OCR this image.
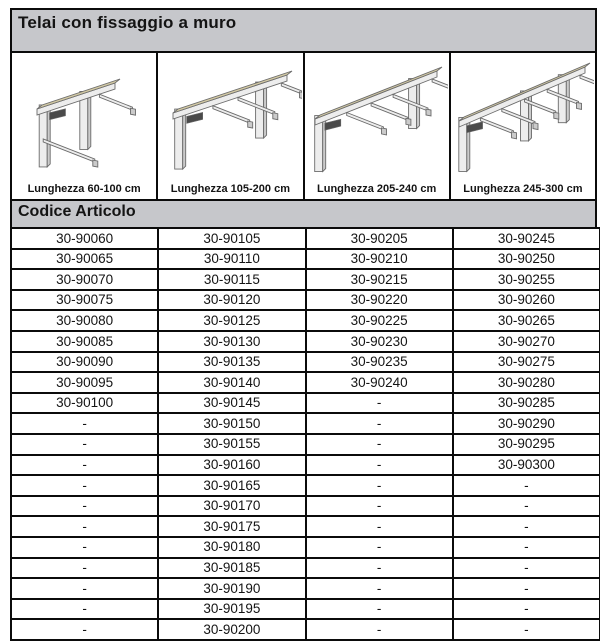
Telai con fissaggio a muro
Lunghezza 60-100 cm	Lunghezza 105-200 cm	Lunghezza 205-240 cm	Lunghezza 245-300 cm
Codice Articolo
30-90060	30-90105	30-90205	30-90245
30-90065	30-90110	30-90210	30-90250
30-90070	30-90115	30-90215	30-90255
30-90075	30-90120	30-90220	30-90260
30-90080	30-90125	30-90225	30-90265
30-90085	30-90130	30-90230	30-90270
30-90090	30-90135	30-90235	30-90275
30-90095	30-90140	30-90240	30-90280
30-90100	30-90145	-	30-90285
-	30-90150	-	30-90290
-	30-90155	-	30-90295
-	30-90160	-	30-90300
-	30-90165	-	-
-	30-90170	-	-
-	30-90175	-	-
-	30-90180	-	-
-	30-90185	-	-
-	30-90190	-	-
-	30-90195	-	-
-	30-90200	-	-
